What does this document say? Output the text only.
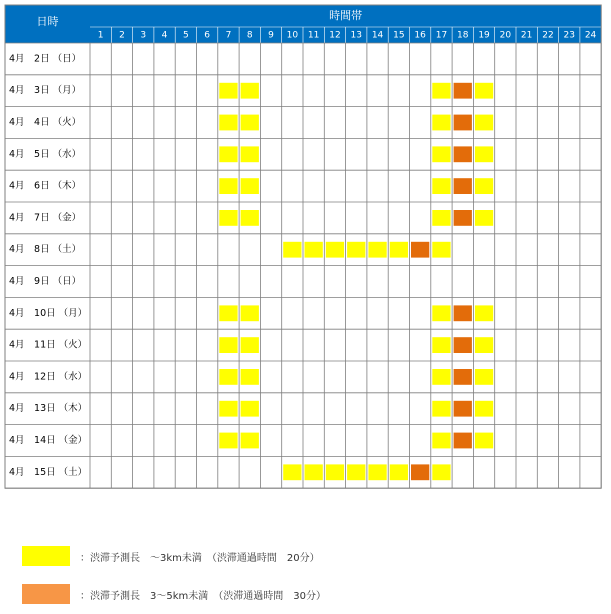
日時	時間帯
1 2 3 4 5 6 7 8 9 10 11 12 13 14 15 16 17 18 19 20 21 22 23 24
4月　2日 （日）
4月　3日 （月）
4月　4日 （火）
4月　5日 （水）
4月　6日 （木）
4月　7日 （金）
4月　8日 （土）
4月　9日 （日）
4月　10日 （月）
4月　11日 （火）
4月　12日 （水）
4月　13日 （木）
4月　14日 （金）
4月　15日 （土）
：渋滞予測長　～3km未満　（渋滞通過時間　20分）
：渋滞予測長　3～5km未満　（渋滞通過時間　30分）
